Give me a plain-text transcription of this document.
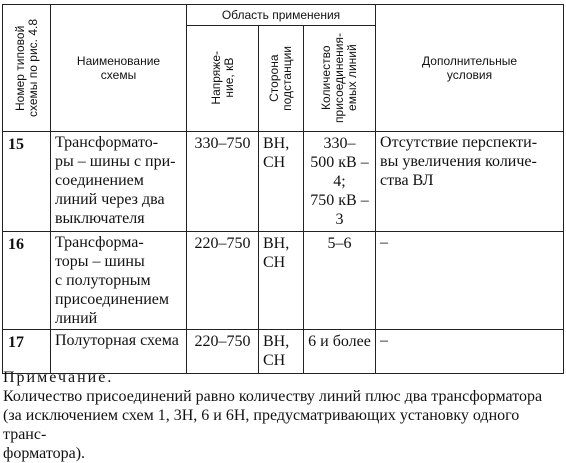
Номер типовой
схемы по рис. 4.8	Наименование
схемы	Область применения			Дополнительные
условия

		Напряже-
ние, кВ	Сторона
подстанции	Количество
присоединения-
емых линий	

15	Трансформато-
ры – шины с при-
соединением
линий через два
выключателя	330–750	ВН,
СН	330–
500 кВ –
4;
750 кВ –
3	Отсутствие перспекти-
вы увеличения количе-
ства ВЛ
16	Трансформа-
торы – шины
с полуторным
присоединением
линий	220–750	ВН,
СН	5–6	–
17	Полуторная схема	220–750	ВН,
СН	6 и более	–
Примечание.
Количество присоединений равно количеству линий плюс два трансформатора
(за исключением схем 1, 3Н, 6 и 6Н, предусматривающих установку одного транс-
форматора).
